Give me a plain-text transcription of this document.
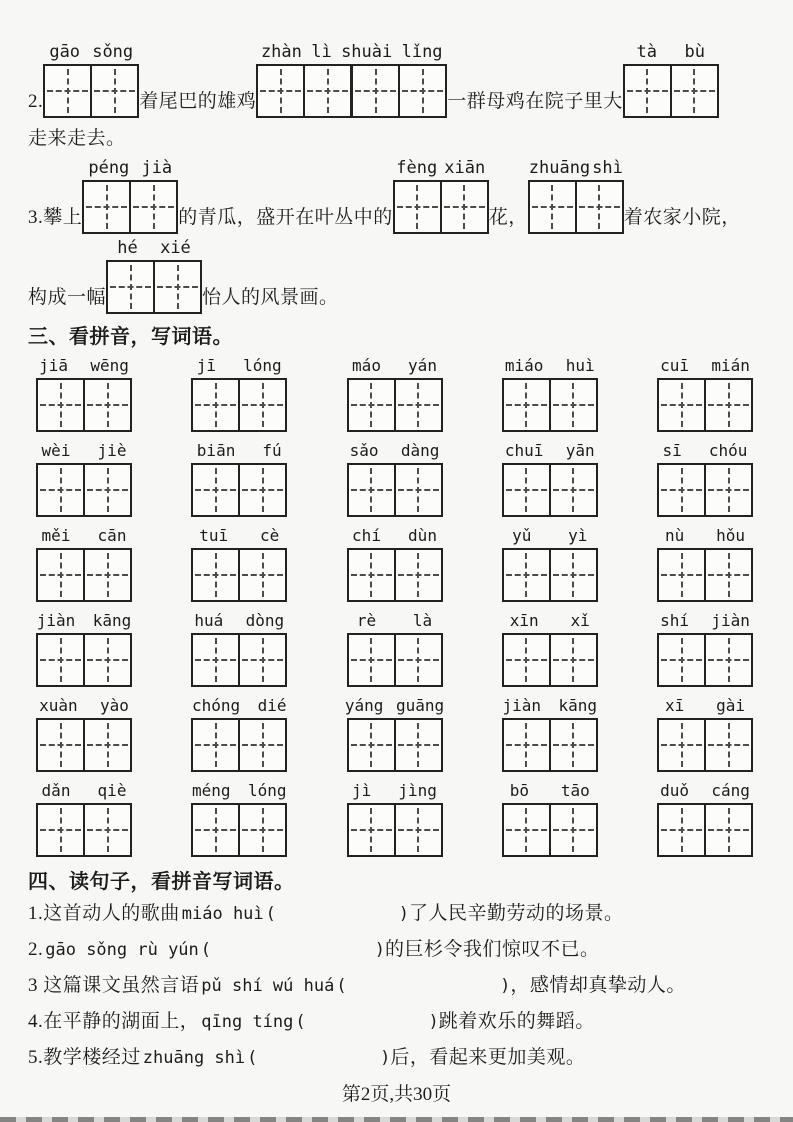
2.
gāo sǒng
着尾巴的雄鸡
zhàn lì shuài lǐng
一群母鸡在院子里大
tà bù

走来走去。

3.攀上
péng jià
的青瓜，盛开在叶丛中的
fèng xiān
花，
zhuāng shì
着农家小院，
构成一幅
hé xié
怡人的风景画。
三、看拼音，写词语。
jiā wēng	jī lóng	máo yán	miáo huì	cuī mián
wèi jiè	biān fú	sǎo dàng	chuī yān	sī chóu
měi cān	tuī cè	chí dùn	yǔ yì	nù hǒu
jiàn kāng	huá dòng	rè là	xīn xǐ	shí jiàn
xuàn yào	chóng dié	yáng guāng	jiàn kāng	xī gài
dǎn qiè	méng lóng	jì jìng	bō tāo	duǒ cáng
四、读句子，看拼音写词语。
1.这首动人的歌曲 miáo huì (            )了人民辛勤劳动的场景。
2. gāo sǒng rù yún (                )的巨杉令我们惊叹不已。
3 这篇课文虽然言语 pǔ shí wú huá (               )，感情却真挚动人。
4.在平静的湖面上， qīng tíng (            )跳着欢乐的舞蹈。
5.教学楼经过 zhuāng shì (            )后，看起来更加美观。
第2页,共30页
